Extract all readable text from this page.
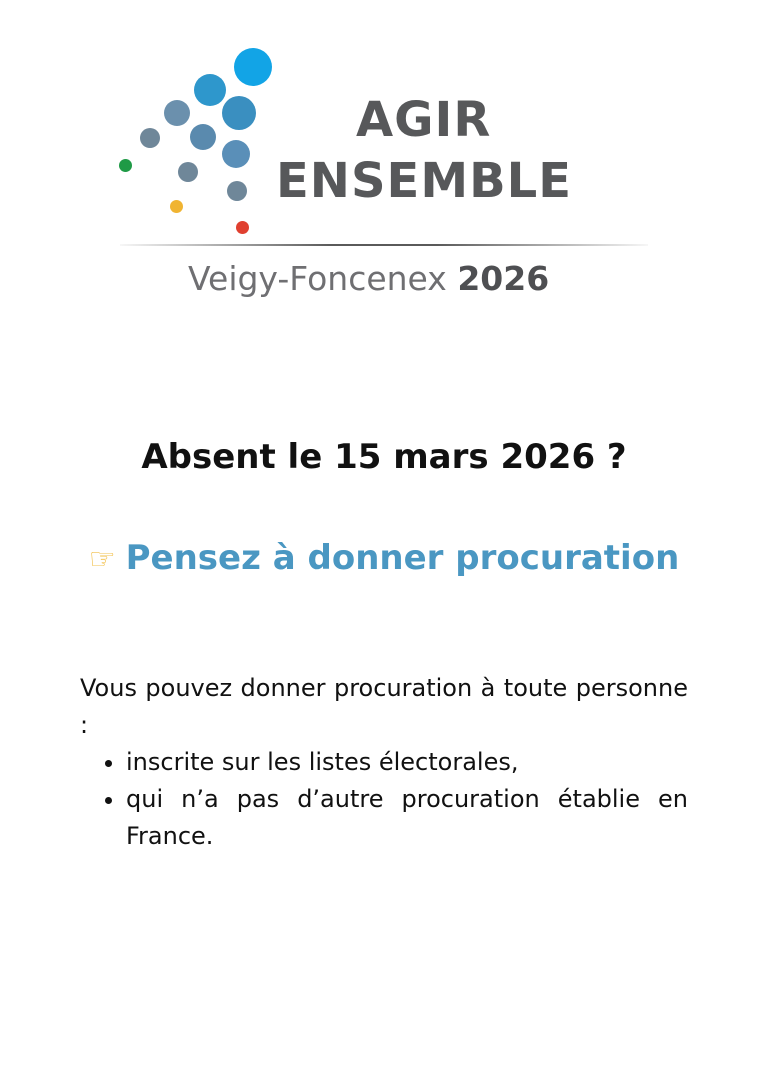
AGIR
ENSEMBLE
Veigy-Foncenex 2026
Absent le 15 mars 2026 ?
☞ Pensez à donner procuration

Vous pouvez donner procuration à toute personne :

• inscrite sur les listes électorales,
• qui n’a pas d’autre procuration établie en France.
